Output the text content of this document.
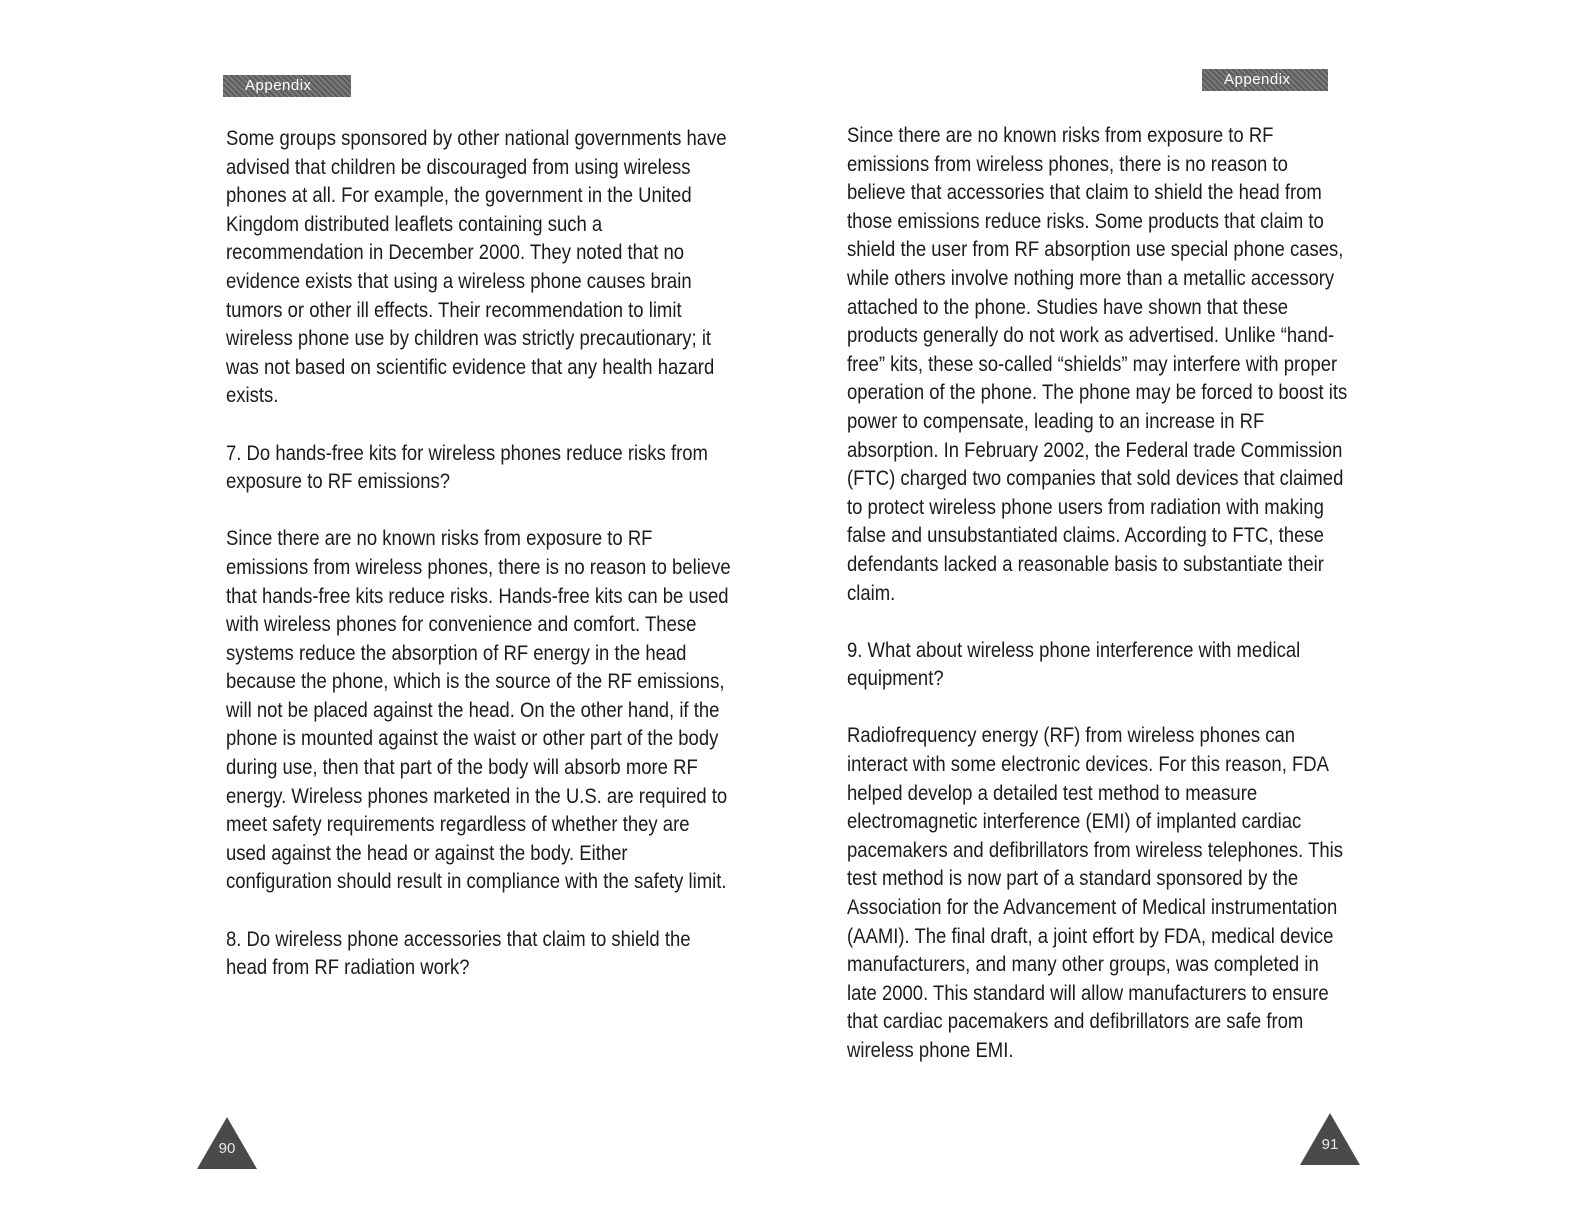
Appendix

Some groups sponsored by other national governments have advised that children be discouraged from using wireless phones at all. For example, the government in the United Kingdom distributed leaflets containing such a recommendation in December 2000. They noted that no evidence exists that using a wireless phone causes brain tumors or other ill effects. Their recommendation to limit wireless phone use by children was strictly precautionary; it was not based on scientific evidence that any health hazard exists.

7. Do hands-free kits for wireless phones reduce risks from exposure to RF emissions?

Since there are no known risks from exposure to RF emissions from wireless phones, there is no reason to believe that hands-free kits reduce risks. Hands-free kits can be used with wireless phones for convenience and comfort. These systems reduce the absorption of RF energy in the head because the phone, which is the source of the RF emissions, will not be placed against the head. On the other hand, if the phone is mounted against the waist or other part of the body during use, then that part of the body will absorb more RF energy. Wireless phones marketed in the U.S. are required to meet safety requirements regardless of whether they are used against the head or against the body. Either configuration should result in compliance with the safety limit.

8. Do wireless phone accessories that claim to shield the head from RF radiation work?

90
Appendix

Since there are no known risks from exposure to RF emissions from wireless phones, there is no reason to believe that accessories that claim to shield the head from those emissions reduce risks. Some products that claim to shield the user from RF absorption use special phone cases, while others involve nothing more than a metallic accessory attached to the phone. Studies have shown that these products generally do not work as advertised. Unlike “hand-free” kits, these so-called “shields” may interfere with proper operation of the phone. The phone may be forced to boost its power to compensate, leading to an increase in RF absorption. In February 2002, the Federal trade Commission (FTC) charged two companies that sold devices that claimed to protect wireless phone users from radiation with making false and unsubstantiated claims. According to FTC, these defendants lacked a reasonable basis to substantiate their claim.

9. What about wireless phone interference with medical equipment?

Radiofrequency energy (RF) from wireless phones can interact with some electronic devices. For this reason, FDA helped develop a detailed test method to measure electromagnetic interference (EMI) of implanted cardiac pacemakers and defibrillators from wireless telephones. This test method is now part of a standard sponsored by the Association for the Advancement of Medical instrumentation (AAMI). The final draft, a joint effort by FDA, medical device manufacturers, and many other groups, was completed in late 2000. This standard will allow manufacturers to ensure that cardiac pacemakers and defibrillators are safe from wireless phone EMI.

91
